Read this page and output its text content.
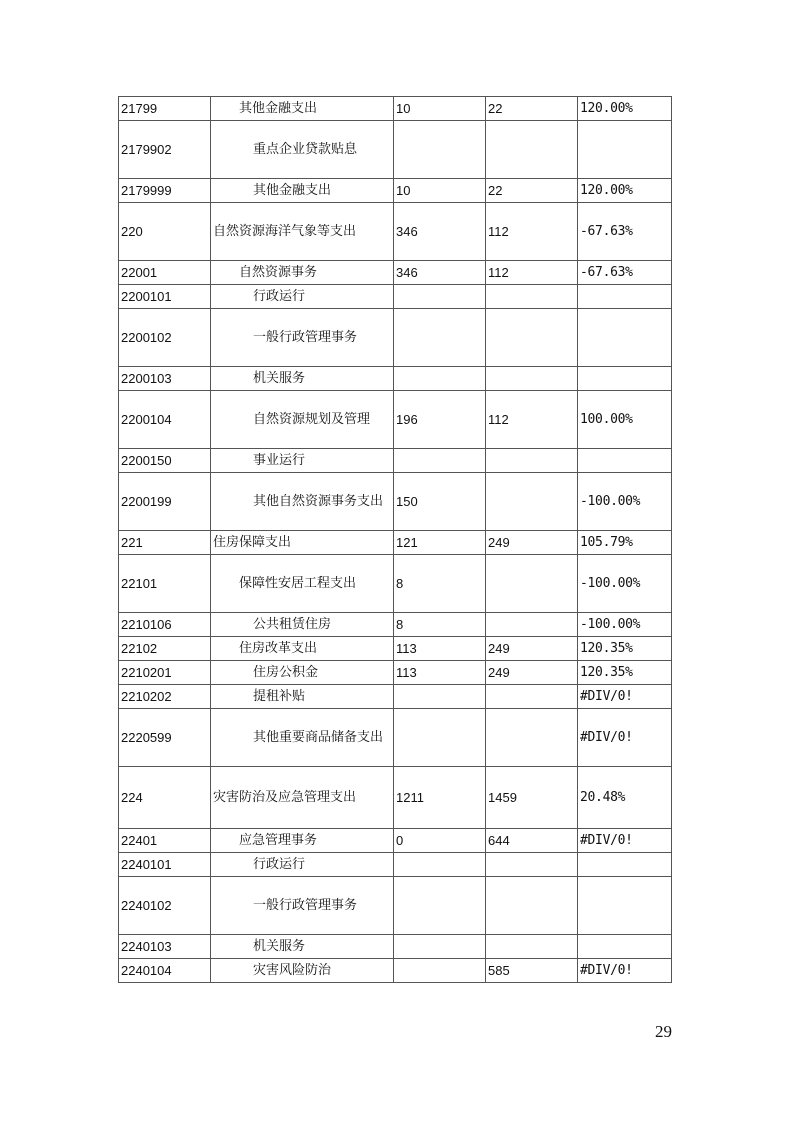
21799	其他金融支出	10	22	120.00%
2179902	重点企业贷款贴息			
2179999	其他金融支出	10	22	120.00%
220	自然资源海洋气象等支出	346	112	-67.63%
22001	自然资源事务	346	112	-67.63%
2200101	行政运行			
2200102	一般行政管理事务			
2200103	机关服务			
2200104	自然资源规划及管理	196	112	100.00%
2200150	事业运行			
2200199	其他自然资源事务支出	150		-100.00%
221	住房保障支出	121	249	105.79%
22101	保障性安居工程支出	8		-100.00%
2210106	公共租赁住房	8		-100.00%
22102	住房改革支出	113	249	120.35%
2210201	住房公积金	113	249	120.35%
2210202	提租补贴			#DIV/0!
2220599	其他重要商品储备支出			#DIV/0!
224	灾害防治及应急管理支出	1211	1459	20.48%
22401	应急管理事务	0	644	#DIV/0!
2240101	行政运行			
2240102	一般行政管理事务			
2240103	机关服务			
2240104	灾害风险防治		585	#DIV/0!
29
